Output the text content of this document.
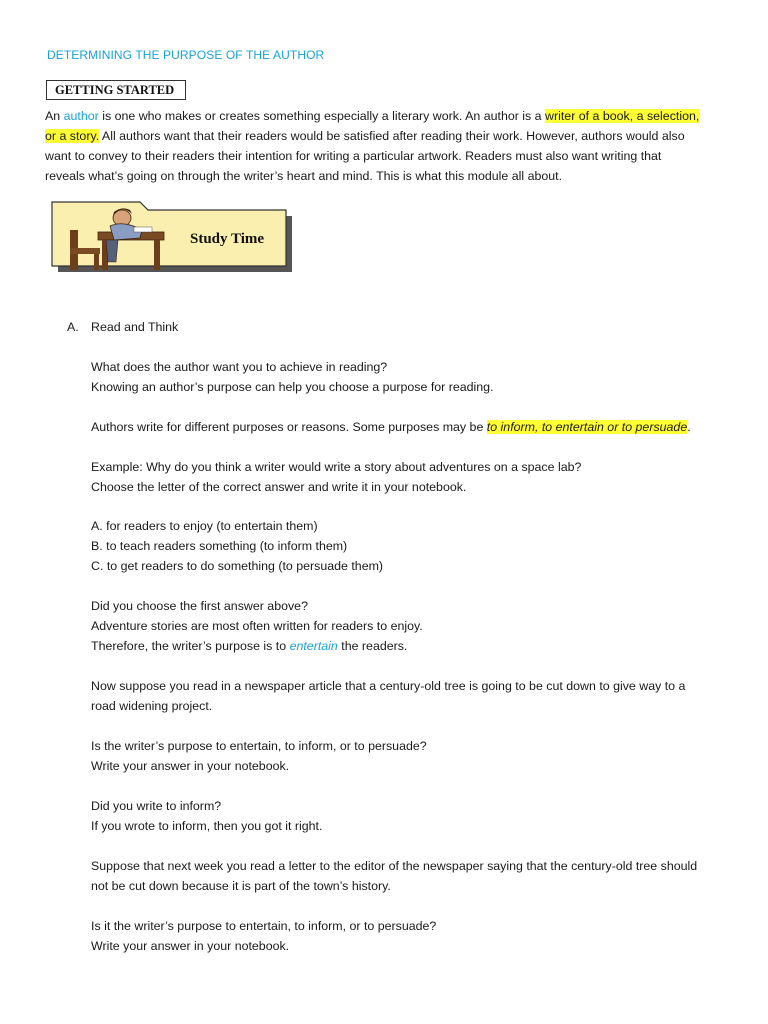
DETERMINING THE PURPOSE OF THE AUTHOR
GETTING STARTED
An author is one who makes or creates something especially a literary work. An author is a writer of a book, a selection,
or a story. All authors want that their readers would be satisfied after reading their work. However, authors would also
want to convey to their readers their intention for writing a particular artwork. Readers must also want writing that
reveals what’s going on through the writer’s heart and mind. This is what this module all about.
Study Time
A. Read and Think
What does the author want you to achieve in reading?
Knowing an author’s purpose can help you choose a purpose for reading.
Authors write for different purposes or reasons. Some purposes may be to inform, to entertain or to persuade.
Example: Why do you think a writer would write a story about adventures on a space lab?
Choose the letter of the correct answer and write it in your notebook.
A. for readers to enjoy (to entertain them)
B. to teach readers something (to inform them)
C. to get readers to do something (to persuade them)
Did you choose the first answer above?
Adventure stories are most often written for readers to enjoy.
Therefore, the writer’s purpose is to entertain the readers.
Now suppose you read in a newspaper article that a century-old tree is going to be cut down to give way to a
road widening project.
Is the writer’s purpose to entertain, to inform, or to persuade?
Write your answer in your notebook.
Did you write to inform?
If you wrote to inform, then you got it right.
Suppose that next week you read a letter to the editor of the newspaper saying that the century-old tree should
not be cut down because it is part of the town’s history.
Is it the writer’s purpose to entertain, to inform, or to persuade?
Write your answer in your notebook.
